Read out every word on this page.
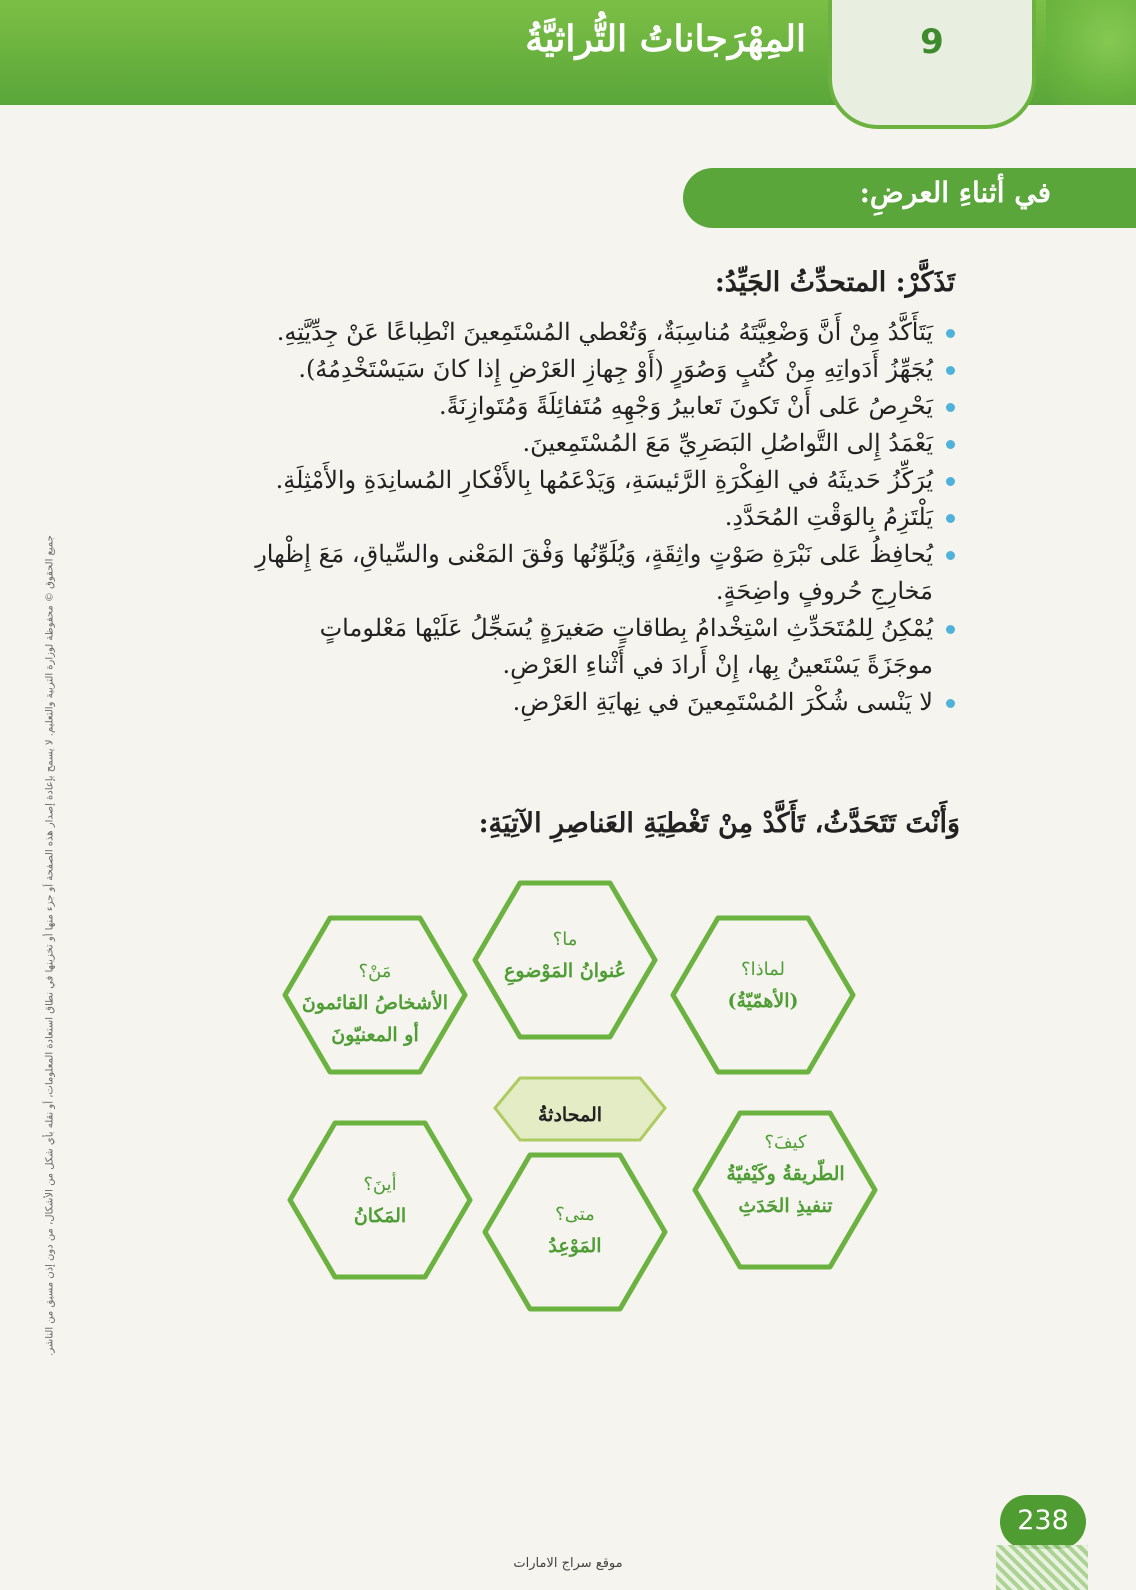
المِهْرَجاناتُ التُّراثيَّةُ	9
في أثناءِ العرضِ:
جميع الحقوق © محفوظة لوزارة التربية والتعليم. لا يسمح بإعادة إصدار هذه الصفحة أو جزء منها أو تخزينها في نطاق استعادة المعلومات، أو نقله بأي شكل من الأشكال، من دون إذن مسبق من الناشر.
تَذَكَّرْ: المتحدِّثُ الجَيِّدُ:
يَتَأَكَّدُ مِنْ أَنَّ وَضْعِيَّتَهُ مُناسِبَةٌ، وَتُعْطي المُسْتَمِعينَ انْطِباعًا عَنْ جِدِّيَّتِهِ.
يُجَهِّزُ أَدَواتِهِ مِنْ كُتُبٍ وَصُوَرٍ (أَوْ جِهازِ العَرْضِ إِذا كانَ سَيَسْتَخْدِمُهُ).
يَحْرِصُ عَلى أَنْ تَكونَ تَعابيرُ وَجْهِهِ مُتَفائِلَةً وَمُتَوازِنَةً.
يَعْمَدُ إِلى التَّواصُلِ البَصَرِيِّ مَعَ المُسْتَمِعينَ.
يُرَكِّزُ حَديثَهُ في الفِكْرَةِ الرَّئيسَةِ، وَيَدْعَمُها بِالأَفْكارِ المُسانِدَةِ والأَمْثِلَةِ.
يَلْتَزِمُ بِالوَقْتِ المُحَدَّدِ.
يُحافِظُ عَلى نَبْرَةِ صَوْتٍ واثِقَةٍ، وَيُلَوِّنُها وَفْقَ المَعْنى والسِّياقِ، مَعَ إِظْهارِ مَخارِجِ حُروفٍ واضِحَةٍ.
يُمْكِنُ لِلمُتَحَدِّثِ اسْتِخْدامُ بِطاقاتٍ صَغيرَةٍ يُسَجِّلُ عَلَيْها مَعْلوماتٍ موجَزَةً يَسْتَعينُ بِها، إِنْ أَرادَ في أَثْناءِ العَرْضِ.
لا يَنْسى شُكْرَ المُسْتَمِعينَ في نِهايَةِ العَرْضِ.
وَأَنْتَ تَتَحَدَّثُ، تَأَكَّدْ مِنْ تَغْطِيَةِ العَناصِرِ الآتِيَةِ:
المحادثةُ
مَنْ؟
الأشخاصُ القائمونَ
أو المعنيّونَ
ما؟
عُنوانُ المَوْضوعِ	لماذا؟
(الأهمّيّةُ)
أينَ؟
المَكانُ	متى؟
المَوْعِدُ
كيفَ؟
الطّريقةُ وكَيْفيّةُ
تنفيذِ الحَدَثِ
238
موقع سراج الامارات
